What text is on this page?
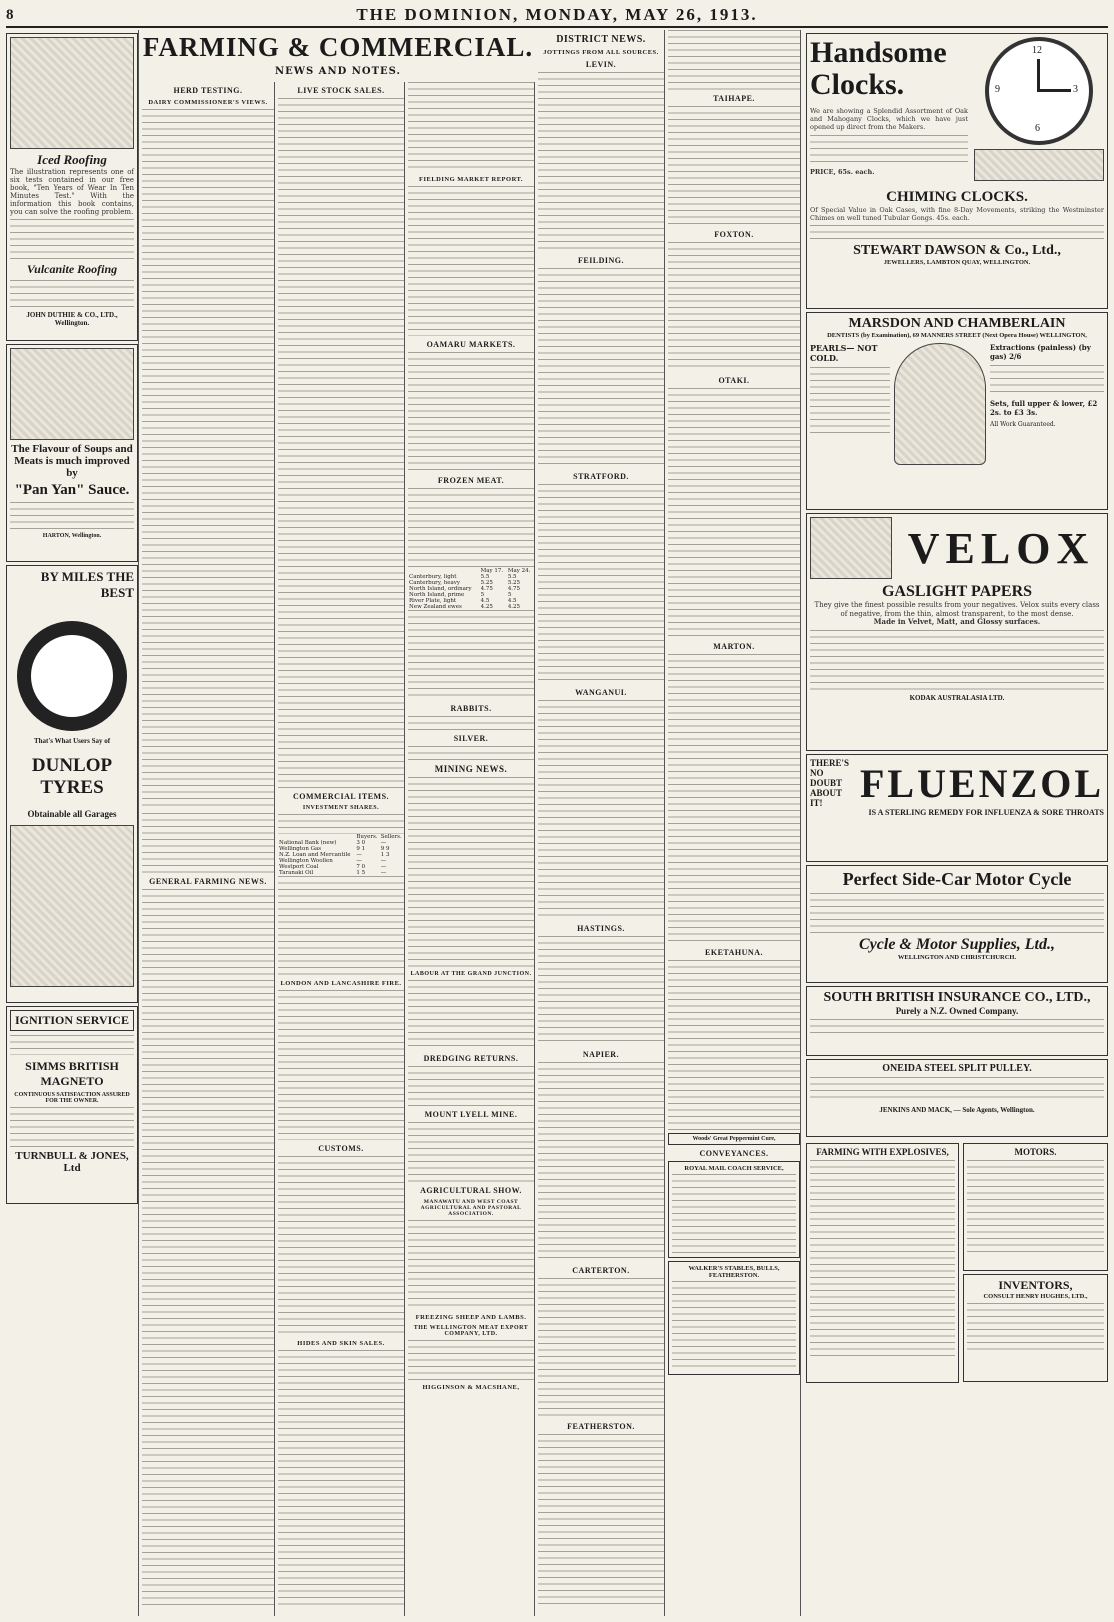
8	THE DOMINION, MONDAY, MAY 26, 1913.
Iced Roofing
The illustration represents one of six tests contained in our free book, "Ten Years of Wear In Ten Minutes Test." With the information this book contains, you can solve the roofing problem.
Vulcanite Roofing
JOHN DUTHIE & CO., LTD., Wellington.
The Flavour of Soups and Meats is much improved by
"Pan Yan" Sauce.
HARTON, Wellington.
BY MILES THE BEST
That's What Users Say of
DUNLOP TYRES
Obtainable all Garages
IGNITION SERVICE
SIMMS BRITISH MAGNETO
CONTINUOUS SATISFACTION ASSURED FOR THE OWNER.
TURNBULL & JONES, Ltd
FARMING & COMMERCIAL.
NEWS AND NOTES.
HERD TESTING.
DAIRY COMMISSIONER'S VIEWS.
GENERAL FARMING NEWS.
LIVE STOCK SALES.
COMMERCIAL ITEMS.
INVESTMENT SHARES.
	Buyers.	Sellers.
National Bank (new)	3 0	—
Wellington Gas	9 1	9 9
N.Z. Loan and Mercantile	—	1 3
Wellington Woollen	—	—
Westport Coal	7 0	—
Taranaki Oil	1 5	—
LONDON AND LANCASHIRE FIRE.
CUSTOMS.
HIDES AND SKIN SALES.
FIELDING MARKET REPORT.
OAMARU MARKETS.
FROZEN MEAT.
	May 17.	May 24.
Canterbury, light	5.5	5.5
Canterbury, heavy	5.25	5.25
North Island, ordinary	4.75	4.75
North Island, prime	5	5
River Plate, light	4.5	4.5
New Zealand ewes	4.25	4.25
RABBITS.
SILVER.
MINING NEWS.
LABOUR AT THE GRAND JUNCTION.
DREDGING RETURNS.
MOUNT LYELL MINE.
AGRICULTURAL SHOW.
MANAWATU AND WEST COAST AGRICULTURAL AND PASTORAL ASSOCIATION.
FREEZING SHEEP AND LAMBS.
THE WELLINGTON MEAT EXPORT COMPANY, LTD.
HIGGINSON & MACSHANE,
DISTRICT NEWS.
JOTTINGS FROM ALL SOURCES.
LEVIN.
FEILDING.
STRATFORD.
WANGANUI.
HASTINGS.
NAPIER.
CARTERTON.
FEATHERSTON.
TAIHAPE.
FOXTON.
OTAKI.
MARTON.
EKETAHUNA.
Woods' Great Peppermint Cure,
CONVEYANCES.
ROYAL MAIL COACH SERVICE,
WALKER'S STABLES, BULLS, FEATHERSTON.
Handsome Clocks.
We are showing a Splendid Assortment of Oak and Mahogany Clocks, which we have just opened up direct from the Makers.
PRICE, 65s. each.
12
3
6
9
CHIMING CLOCKS.
Of Special Value in Oak Cases, with fine 8-Day Movements, striking the Westminster Chimes on well tuned Tubular Gongs. 45s. each.
STEWART DAWSON & Co., Ltd.,
JEWELLERS, LAMBTON QUAY, WELLINGTON.
MARSDON AND CHAMBERLAIN
DENTISTS (by Examination), 69 MANNERS STREET (Next Opera House) WELLINGTON,
PEARLS— NOT COLD.
Extractions (painless) (by gas) 2/6
Sets, full upper & lower, £2 2s. to £3 3s.
All Work Guaranteed.
VELOX
GASLIGHT PAPERS
They give the finest possible results from your negatives. Velox suits every class of negative, from the thin, almost transparent, to the most dense.
Made in Velvet, Matt, and Glossy surfaces.
KODAK AUSTRALASIA LTD.
THERE'S NO DOUBT ABOUT IT! FLUENZOL
IS A STERLING REMEDY FOR INFLUENZA & SORE THROATS
Perfect Side-Car Motor Cycle
Cycle & Motor Supplies, Ltd.,
WELLINGTON AND CHRISTCHURCH.
SOUTH BRITISH INSURANCE CO., LTD.,
Purely a N.Z. Owned Company.
ONEIDA STEEL SPLIT PULLEY.
JENKINS AND MACK, — Sole Agents, Wellington.
FARMING WITH EXPLOSIVES,	MOTORS.
INVENTORS,
CONSULT HENRY HUGHES, LTD.,
